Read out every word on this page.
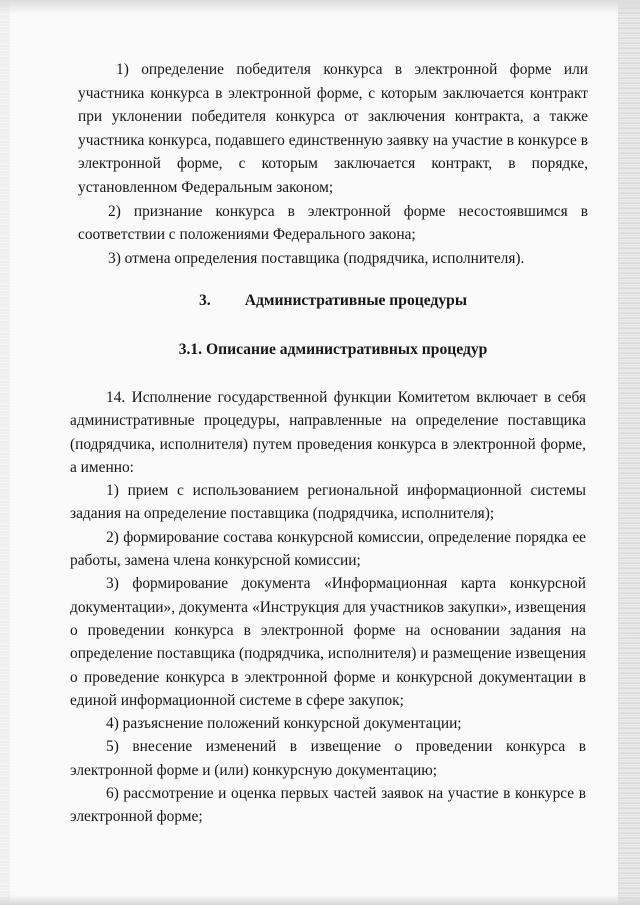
1) определение победителя конкурса в электронной форме или участника конкурса в электронной форме, с которым заключается контракт при уклонении победителя конкурса от заключения контракта, а также участника конкурса, подавшего единственную заявку на участие в конкурсе в электронной форме, с которым заключается контракт, в порядке, установленном Федеральным законом;

2) признание конкурса в электронной форме несостоявшимся в соответствии с положениями Федерального закона;

3) отмена определения поставщика (подрядчика, исполнителя).

3. Административные процедуры
3.1. Описание административных процедур

14. Исполнение государственной функции Комитетом включает в себя административные процедуры, направленные на определение поставщика (подрядчика, исполнителя) путем проведения конкурса в электронной форме, а именно:

1) прием с использованием региональной информационной системы задания на определение поставщика (подрядчика, исполнителя);

2) формирование состава конкурсной комиссии, определение порядка ее работы, замена члена конкурсной комиссии;

3) формирование документа «Информационная карта конкурсной документации», документа «Инструкция для участников закупки», извещения о проведении конкурса в электронной форме на основании задания на определение поставщика (подрядчика, исполнителя) и размещение извещения о проведение конкурса в электронной форме и конкурсной документации в единой информационной системе в сфере закупок;

4) разъяснение положений конкурсной документации;

5) внесение изменений в извещение о проведении конкурса в электронной форме и (или) конкурсную документацию;

6) рассмотрение и оценка первых частей заявок на участие в конкурсе в электронной форме;
